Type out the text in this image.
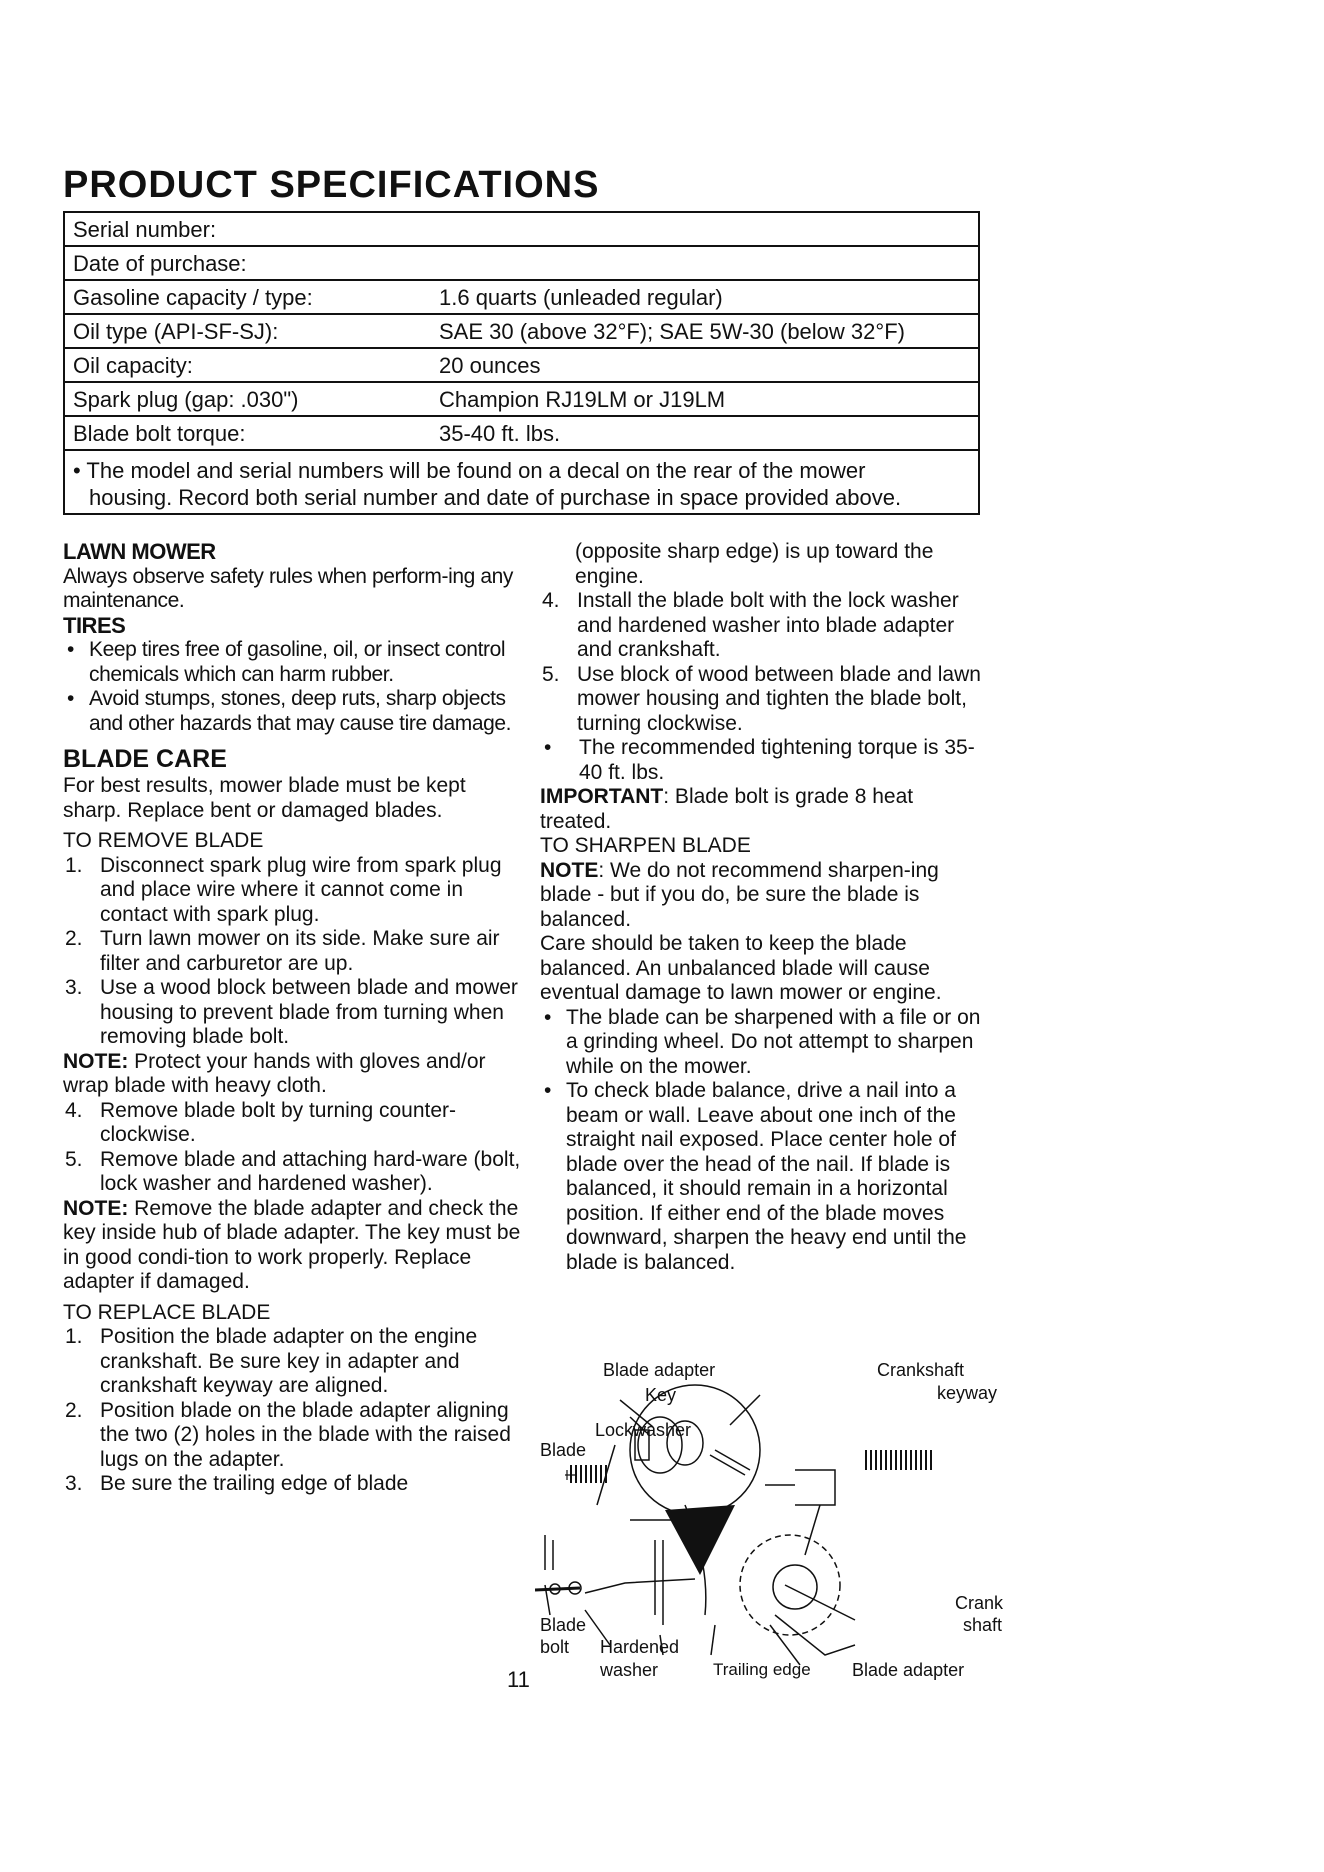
PRODUCT SPECIFICATIONS
Serial number:
Date of purchase:
Gasoline capacity / type:	1.6 quarts (unleaded regular)
Oil type (API-SF-SJ):	SAE 30 (above 32°F); SAE 5W-30 (below 32°F)
Oil capacity:	20 ounces
Spark plug (gap: .030")	Champion RJ19LM or J19LM
Blade bolt torque:	35-40 ft. lbs.
• The model and serial numbers will be found on a decal on the rear of the mower
housing. Record both serial number and date of purchase in space provided above.

LAWN MOWER

Always observe safety rules when perform-ing any maintenance.

TIRES

• Keep tires free of gasoline, oil, or insect control chemicals which can harm rubber.
• Avoid stumps, stones, deep ruts, sharp objects and other hazards that may cause tire damage.

BLADE CARE

For best results, mower blade must be kept sharp. Replace bent or damaged blades.

TO REMOVE BLADE

1. Disconnect spark plug wire from spark plug and place wire where it cannot come in contact with spark plug.
2. Turn lawn mower on its side. Make sure air filter and carburetor are up.
3. Use a wood block between blade and mower housing to prevent blade from turning when removing blade bolt.

NOTE: Protect your hands with gloves and/or wrap blade with heavy cloth.

4. Remove blade bolt by turning counter-clockwise.
5. Remove blade and attaching hard-ware (bolt, lock washer and hardened washer).

NOTE: Remove the blade adapter and check the key inside hub of blade adapter. The key must be in good condi-tion to work properly. Replace adapter if damaged.

TO REPLACE BLADE

1. Position the blade adapter on the engine crankshaft. Be sure key in adapter and crankshaft keyway are aligned.
2. Position blade on the blade adapter aligning the two (2) holes in the blade with the raised lugs on the adapter.
3. Be sure the trailing edge of blade

(opposite sharp edge) is up toward the engine.

4. Install the blade bolt with the lock washer and hardened washer into blade adapter and crankshaft.
5. Use block of wood between blade and lawn mower housing and tighten the blade bolt, turning clockwise.
•	The recommended tightening torque is 35-40 ft. lbs.

IMPORTANT: Blade bolt is grade 8 heat treated.

TO SHARPEN BLADE

NOTE: We do not recommend sharpen-ing blade - but if you do, be sure the blade is balanced.

Care should be taken to keep the blade balanced. An unbalanced blade will cause eventual damage to lawn mower or engine.

• The blade can be sharpened with a file or on a grinding wheel. Do not attempt to sharpen while on the mower.
• To check blade balance, drive a nail into a beam or wall. Leave about one inch of the straight nail exposed. Place center hole of blade over the head of the nail. If blade is balanced, it should remain in a horizontal position. If either end of the blade moves downward, sharpen the heavy end until the blade is balanced.
Blade adapter	Crankshaft
keyway
Key
Lockwasher
Blade
Blade
bolt Hardened
washer	Trailing edge Blade adapter
Crank
shaft
11
